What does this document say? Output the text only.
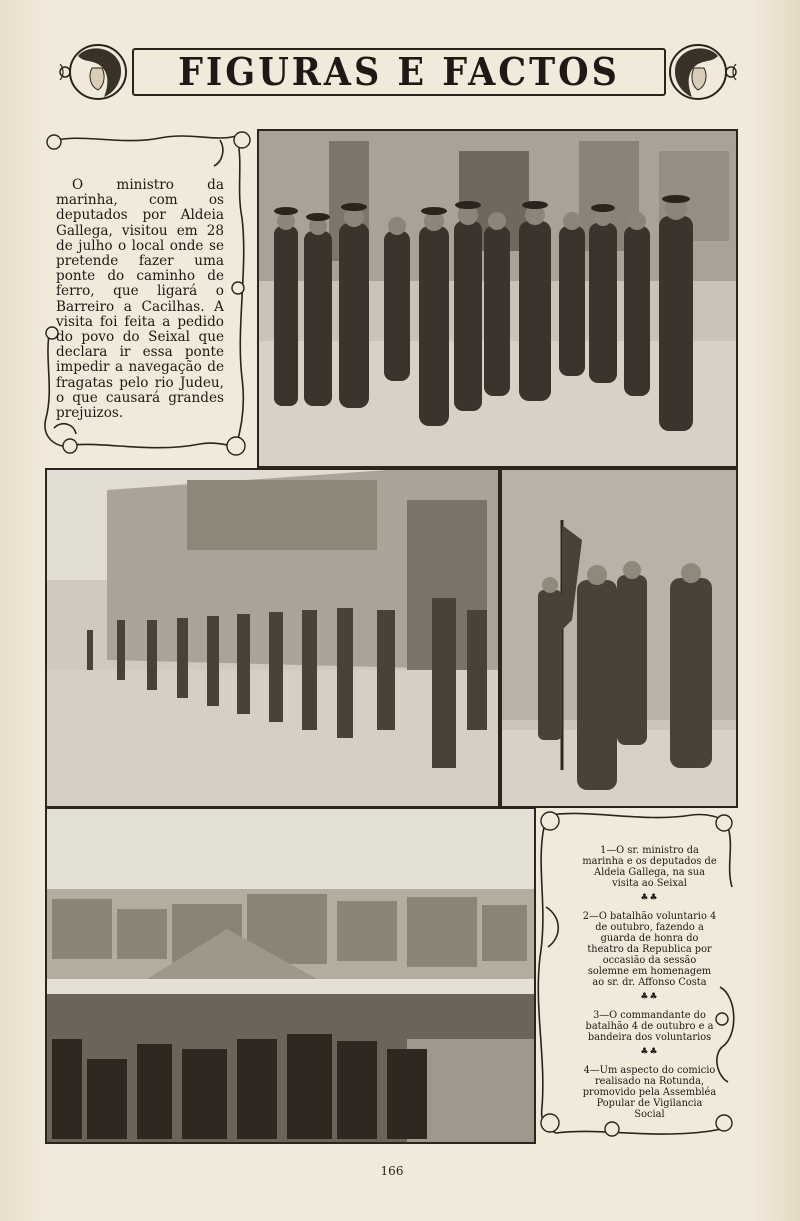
FIGURAS E FACTOS

O ministro da marinha, com os deputados por Aldeia Gallega, visitou em 28 de julho o local onde se pretende fazer uma ponte do caminho de ferro, que ligará o Barreiro a Cacilhas. A visita foi feita a pedido do povo do Seixal que declara ir essa ponte impedir a navegação de fragatas pelo rio Judeu, o que causará grandes prejuizos.

1—O sr. ministro da marinha e os deputados de Aldeia Gallega, na sua visita ao Seixal

♣♣

2—O batalhão voluntario 4 de outubro, fazendo a guarda de honra do theatro da Republica por occasião da sessão solemne em homenagem ao sr. dr. Affonso Costa

♣♣

3—O commandante do batalhão 4 de outubro e a bandeira dos voluntarios

♣♣

4—Um aspecto do comicio realisado na Rotunda, promovido pela Assembléa Popular de Vigilancia Social

166
